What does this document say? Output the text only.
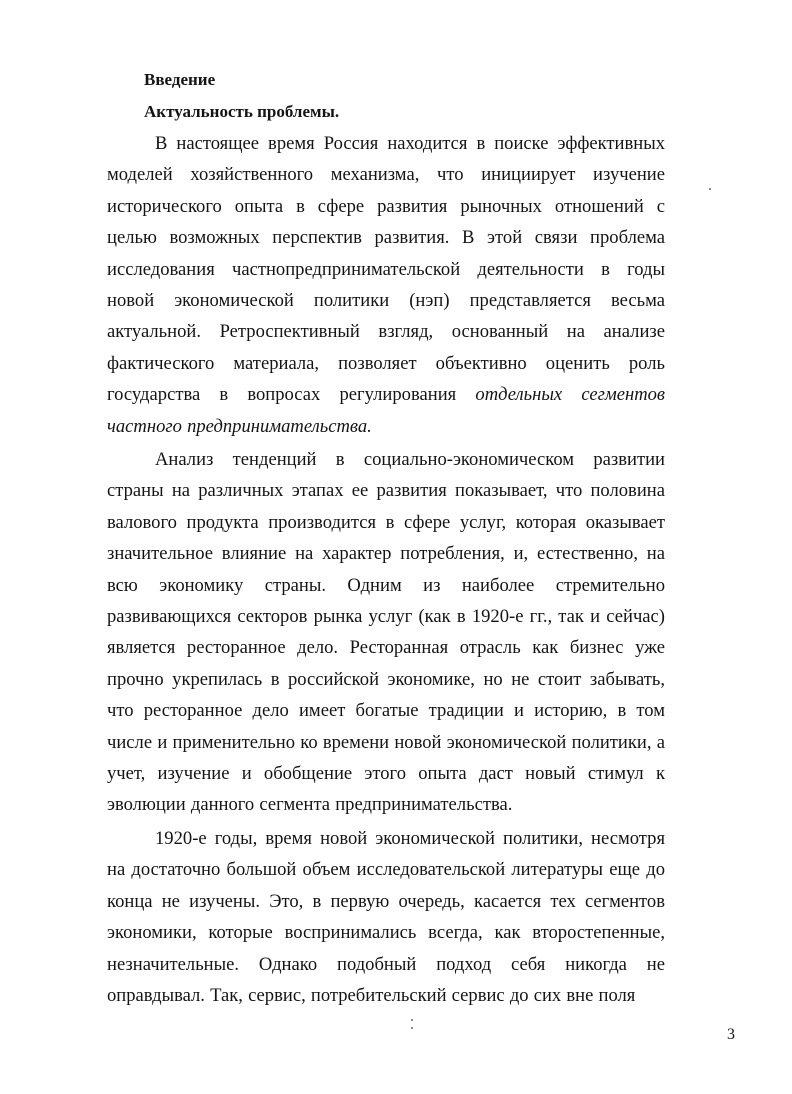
Введение

Актуальность проблемы.

В настоящее время Россия находится в поиске эффективных моделей хозяйственного механизма, что инициирует изучение исторического опыта в сфере развития рыночных отношений с целью возможных перспектив развития. В этой связи проблема исследования частнопредпринимательской деятельности в годы новой экономической политики (нэп) представляется весьма актуальной. Ретроспективный взгляд, основанный на анализе фактического материала, позволяет объективно оценить роль государства в вопросах регулирования отдельных сегментов частного предпринимательства.

Анализ тенденций в социально-экономическом развитии страны на различных этапах ее развития показывает, что половина валового продукта производится в сфере услуг, которая оказывает значительное влияние на характер потребления, и, естественно, на всю экономику страны. Одним из наиболее стремительно развивающихся секторов рынка услуг (как в 1920-е гг., так и сейчас) является ресторанное дело. Ресторанная отрасль как бизнес уже прочно укрепилась в российской экономике, но не стоит забывать, что ресторанное дело имеет богатые традиции и историю, в том числе и применительно ко времени новой экономической политики, а учет, изучение и обобщение этого опыта даст новый стимул к эволюции данного сегмента предпринимательства.

1920-е годы, время новой экономической политики, несмотря на достаточно большой объем исследовательской литературы еще до конца не изучены. Это, в первую очередь, касается тех сегментов экономики, которые воспринимались всегда, как второстепенные, незначительные. Однако подобный подход себя никогда не оправдывал. Так, сервис, потребительский сервис до сих вне поля

3
